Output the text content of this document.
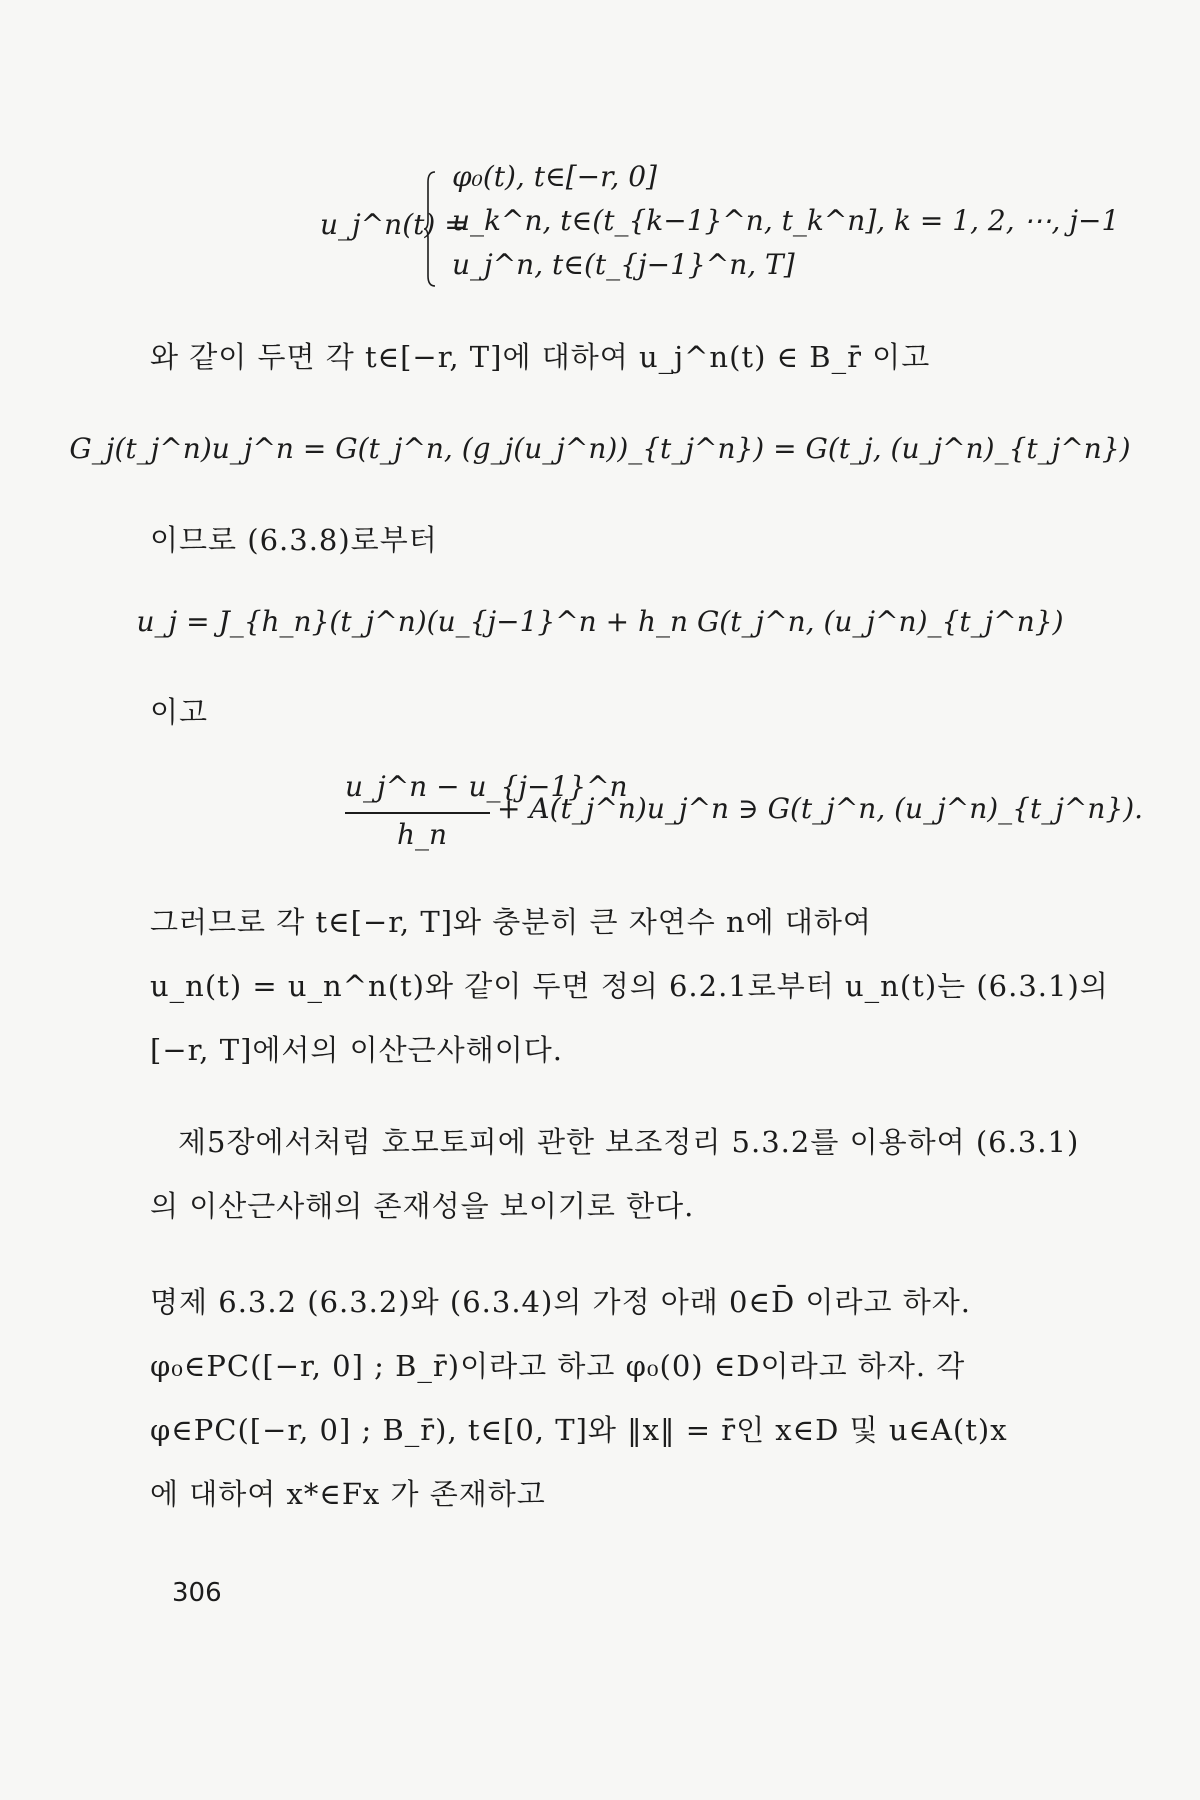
u_j^n(t) =
φ₀(t), t∈[−r, 0]
u_k^n, t∈(t_{k−1}^n, t_k^n], k = 1, 2, ⋯, j−1
u_j^n, t∈(t_{j−1}^n, T]
와 같이 두면 각 t∈[−r, T]에 대하여 u_j^n(t) ∈ B_r̄ 이고
G_j(t_j^n)u_j^n = G(t_j^n, (g_j(u_j^n))_{t_j^n}) = G(t_j, (u_j^n)_{t_j^n})
이므로 (6.3.8)로부터
u_j = J_{h_n}(t_j^n)(u_{j−1}^n + h_n G(t_j^n, (u_j^n)_{t_j^n})
이고
u_j^n − u_{j−1}^n
h_n
+ A(t_j^n)u_j^n ∋ G(t_j^n, (u_j^n)_{t_j^n}).
그러므로 각 t∈[−r, T]와 충분히 큰 자연수 n에 대하여
u_n(t) = u_n^n(t)와 같이 두면 정의 6.2.1로부터 u_n(t)는 (6.3.1)의
[−r, T]에서의 이산근사해이다.
제5장에서처럼 호모토피에 관한 보조정리 5.3.2를 이용하여 (6.3.1)
의 이산근사해의 존재성을 보이기로 한다.
명제 6.3.2 (6.3.2)와 (6.3.4)의 가정 아래 0∈D̄ 이라고 하자.
φ₀∈PC([−r, 0] ; B_r̄)이라고 하고 φ₀(0) ∈D이라고 하자. 각
φ∈PC([−r, 0] ; B_r̄), t∈[0, T]와 ‖x‖ = r̄인 x∈D 및 u∈A(t)x
에 대하여 x*∈Fx 가 존재하고
306
